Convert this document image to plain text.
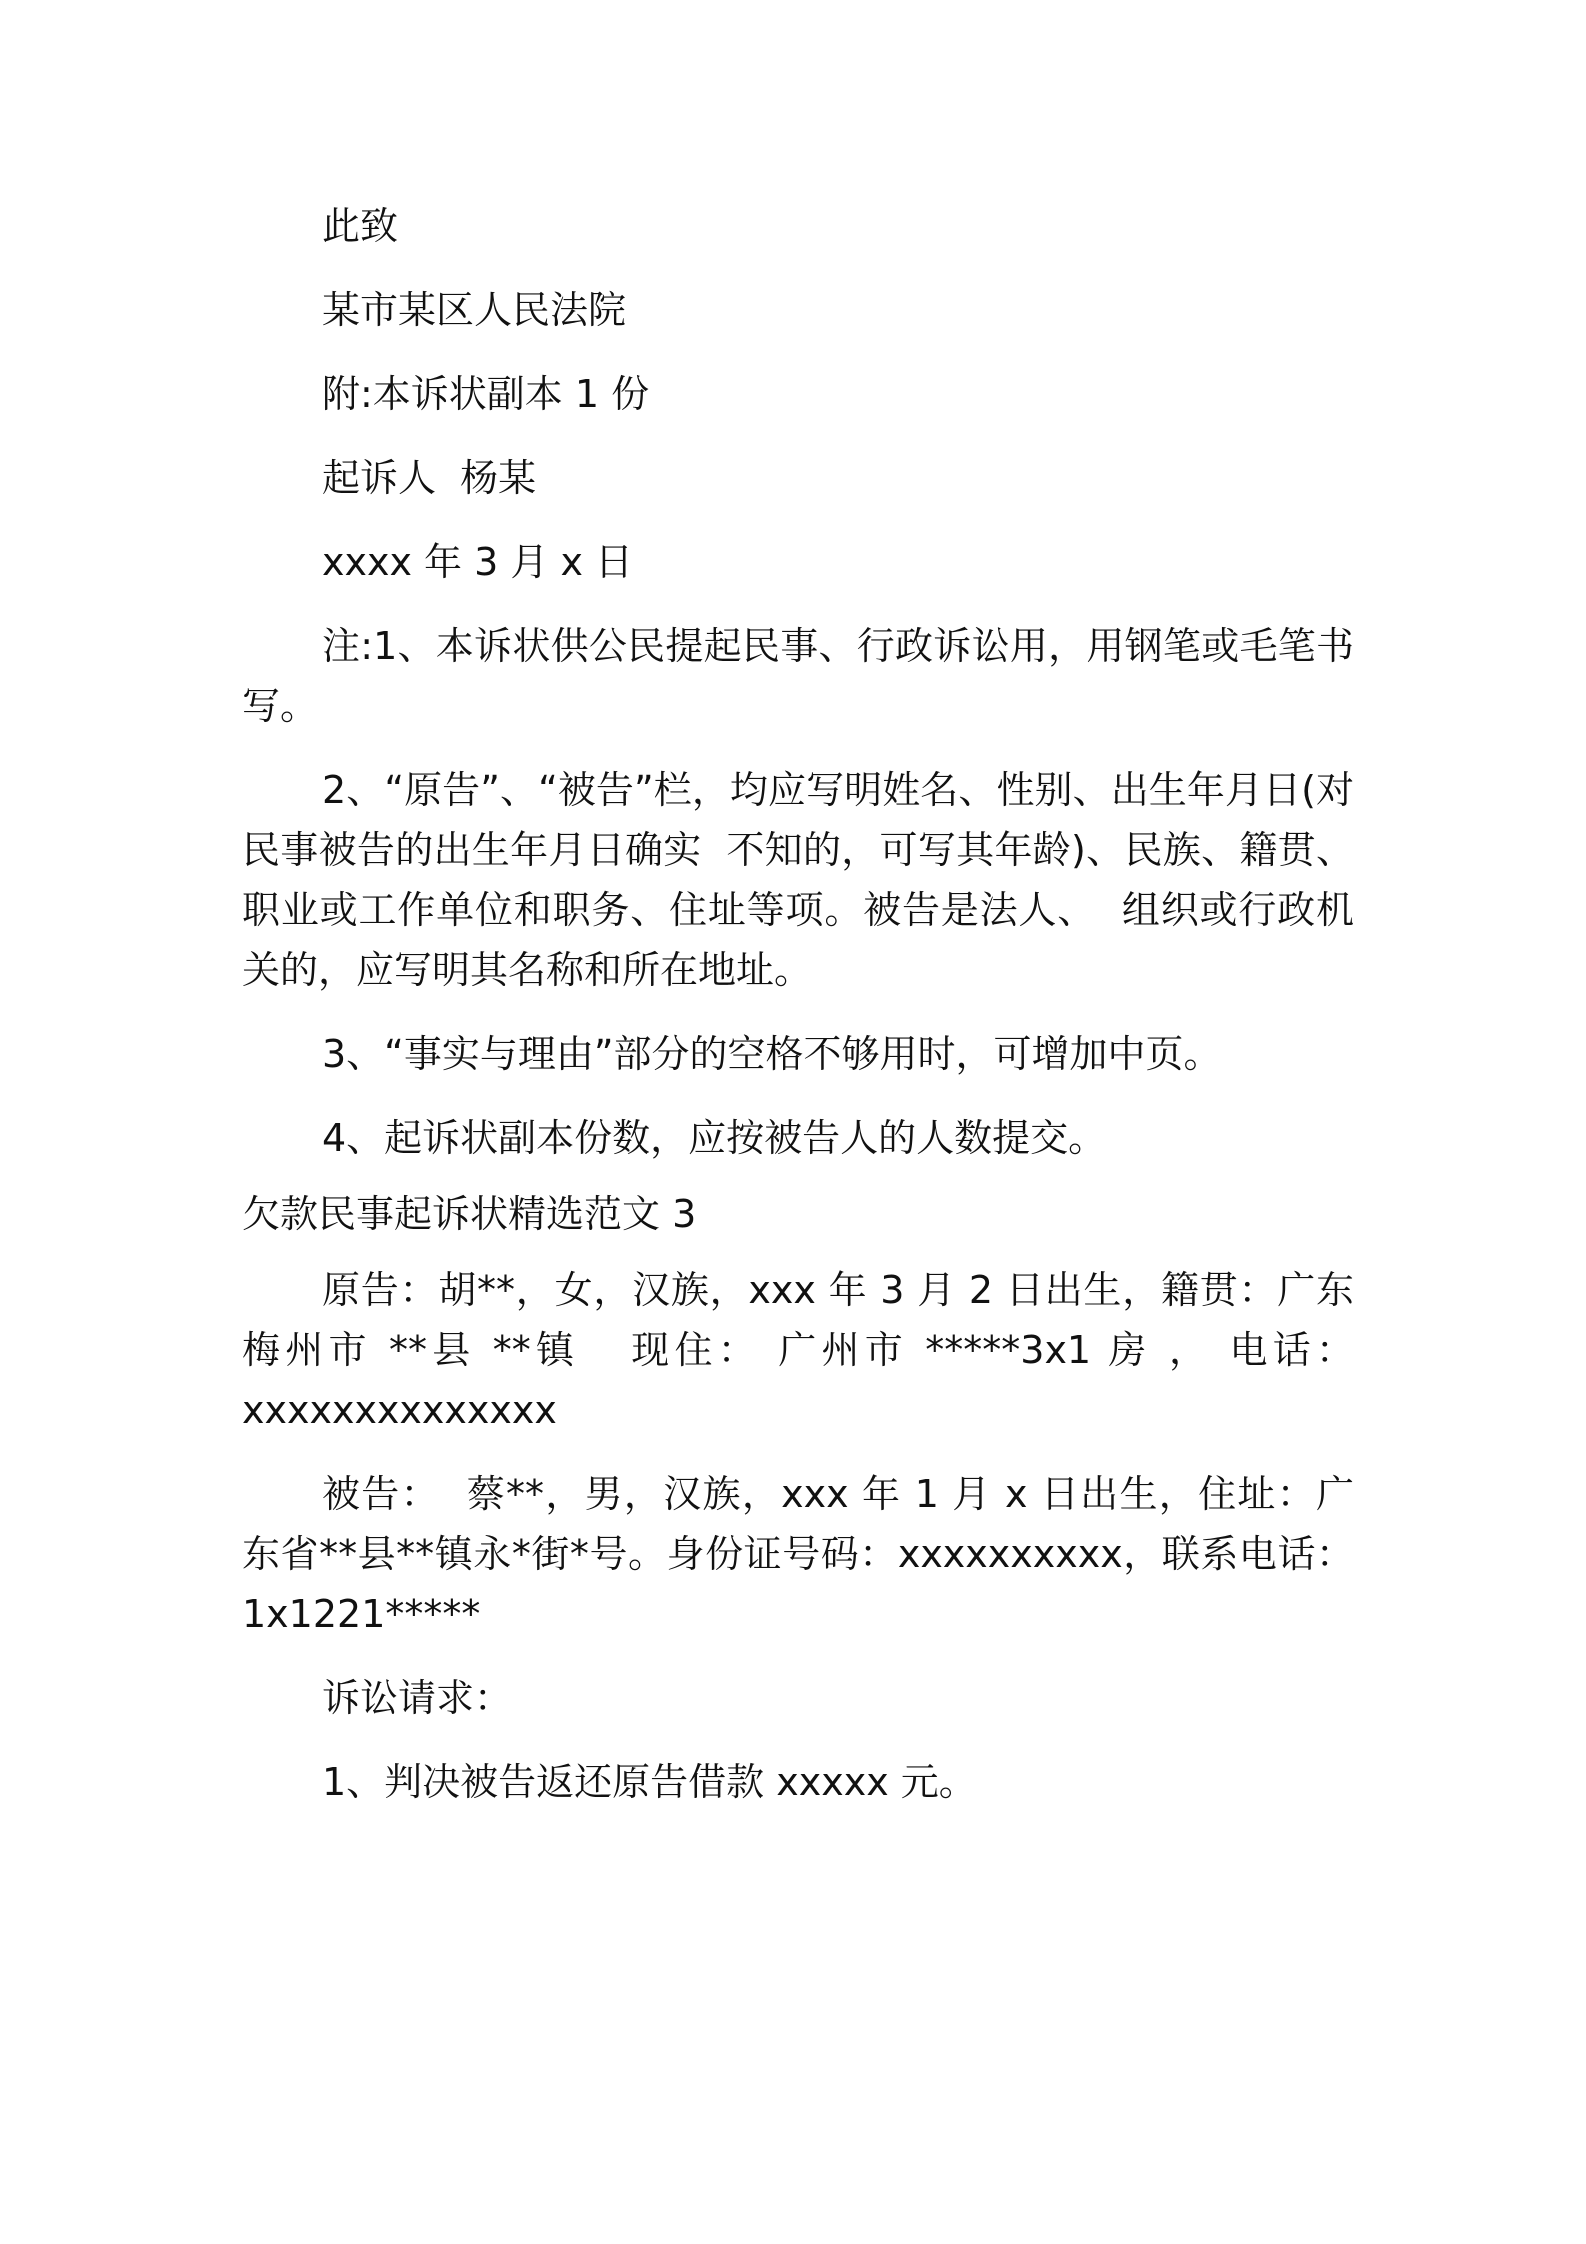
此致

某市某区人民法院

附:本诉状副本 1 份

起诉人  杨某

xxxx 年 3 月 x 日

注:1、本诉状供公民提起民事、行政诉讼用，用钢笔或毛笔书写。

2、“原告”、“被告”栏，均应写明姓名、性别、出生年月日(对民事被告的出生年月日确实  不知的，可写其年龄)、民族、籍贯、职业或工作单位和职务、住址等项。被告是法人、  组织或行政机关的，应写明其名称和所在地址。

3、“事实与理由”部分的空格不够用时，可增加中页。

4、起诉状副本份数，应按被告人的人数提交。

欠款民事起诉状精选范文 3

原告：胡**，女，汉族，xxx 年 3 月 2 日出生，籍贯：广东梅州市 **县 **镇   现住： 广州市 *****3x1 房 ， 电话：xxxxxxxxxxxxxx

被告：  蔡**，男，汉族，xxx 年 1 月 x 日出生，住址：广东省**县**镇永*街*号。身份证号码：xxxxxxxxxx，联系电话：1x1221*****

诉讼请求：

1、判决被告返还原告借款 xxxxx 元。
